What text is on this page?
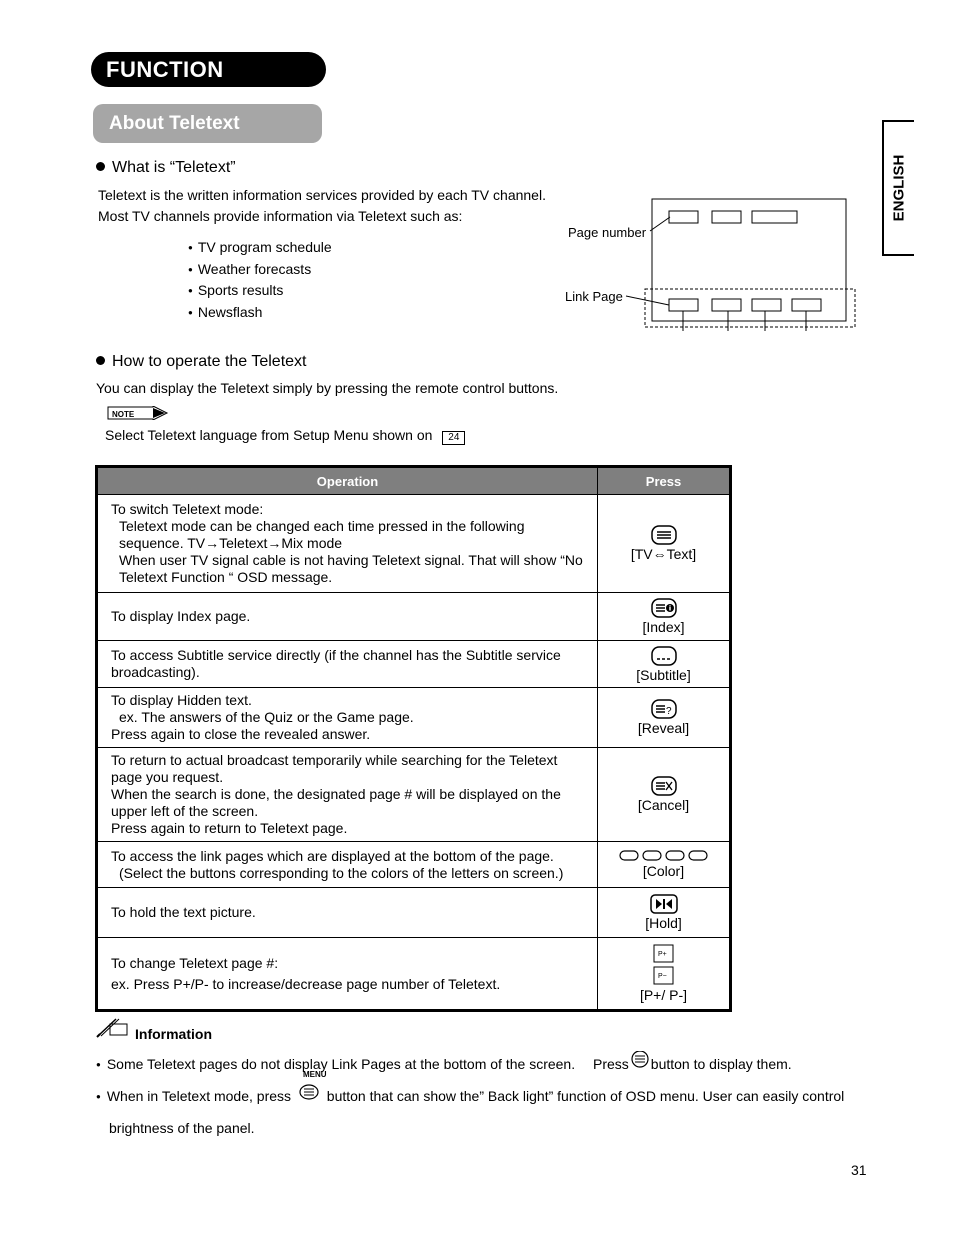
FUNCTION
About Teletext
ENGLISH
What is “Teletext”
Teletext is the written information services provided by each TV channel.
Most TV channels provide information via Teletext such as:
● TV program schedule
● Weather forecasts
● Sports results
● Newsflash
Page number
Link Page
How to operate the Teletext
You can display the Teletext simply by pressing the remote control buttons.
NOTE
Select Teletext language from Setup Menu shown on 24
Operation	Press
To switch Teletext mode:
Teletext mode can be changed each time pressed in the following
sequence. TV→Teletext→Mix mode
When user TV signal cable is not having Teletext signal. That will show “No
Teletext Function “ OSD message.	[TV⇔Text]

To display Index page.	[Index]

To access Subtitle service directly (if the channel has the Subtitle service
broadcasting).	[Subtitle]

To display Hidden text.
ex. The answers of the Quiz or the Game page.
Press again to close the revealed answer.	?
[Reveal]

To return to actual broadcast temporarily while searching for the Teletext
page you request.
When the search is done, the designated page # will be displayed on the
upper left of the screen.
Press again to return to Teletext page.	[Cancel]

To access the link pages which are displayed at the bottom of the page.
(Select the buttons corresponding to the colors of the letters on screen.)	[Color]

To hold the text picture.	[Hold]

To change Teletext page #:
ex. Press P+/P- to increase/decrease page number of Teletext.	P+
P−
[P+/ P-]
Information
● Some Teletext pages do not display Link Pages at the bottom of the screen. Press button to display them.
MENU
● When in Teletext mode, press	button that can show the” Back light” function of OSD menu. User can easily control
brightness of the panel.
31
